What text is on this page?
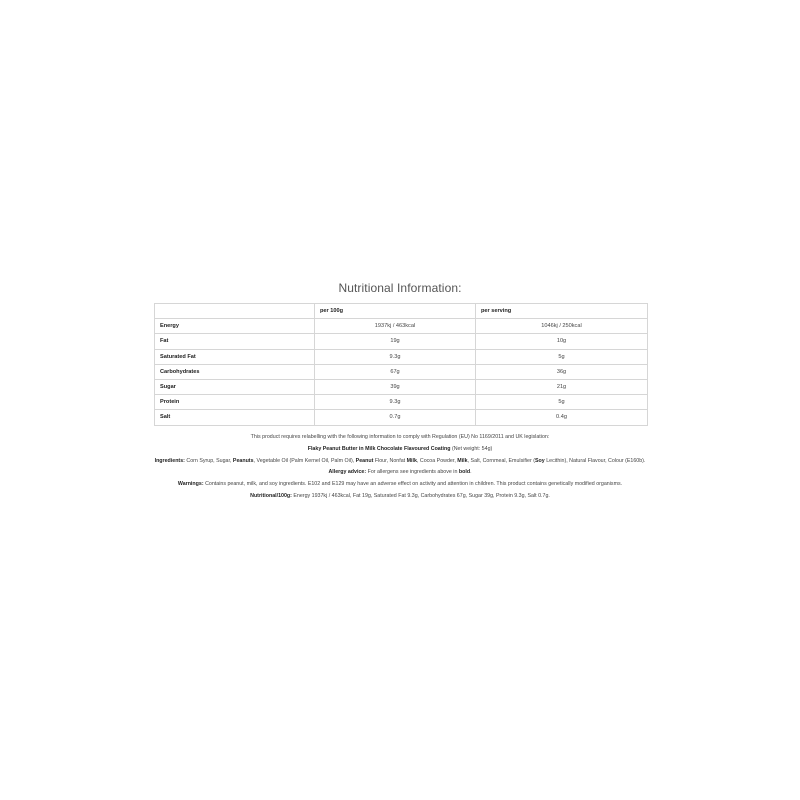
Nutritional Information:
	per 100g	per serving
Energy	1937kj / 463kcal	1046kj / 250kcal
Fat	19g	10g
Saturated Fat	9.3g	5g
Carbohydrates	67g	36g
Sugar	39g	21g
Protein	9.3g	5g
Salt	0.7g	0.4g

This product requires relabelling with the following information to comply with Regulation (EU) No 1169/2011 and UK legislation:

Flaky Peanut Butter in Milk Chocolate Flavoured Coating (Net weight: 54g)

Ingredients: Corn Syrup, Sugar, Peanuts, Vegetable Oil (Palm Kernel Oil, Palm Oil), Peanut Flour, Nonfat Milk, Cocoa Powder, Milk, Salt, Cornmeal, Emulsifier (Soy Lecithin), Natural Flavour, Colour (E160b).

Allergy advice: For allergens see ingredients above in bold.

Warnings: Contains peanut, milk, and soy ingredients. E102 and E129 may have an adverse effect on activity and attention in children. This product contains genetically modified organisms.

Nutritional/100g: Energy 1937kj / 463kcal, Fat 19g, Saturated Fat 9.3g, Carbohydrates 67g, Sugar 39g, Protein 9.3g, Salt 0.7g.
